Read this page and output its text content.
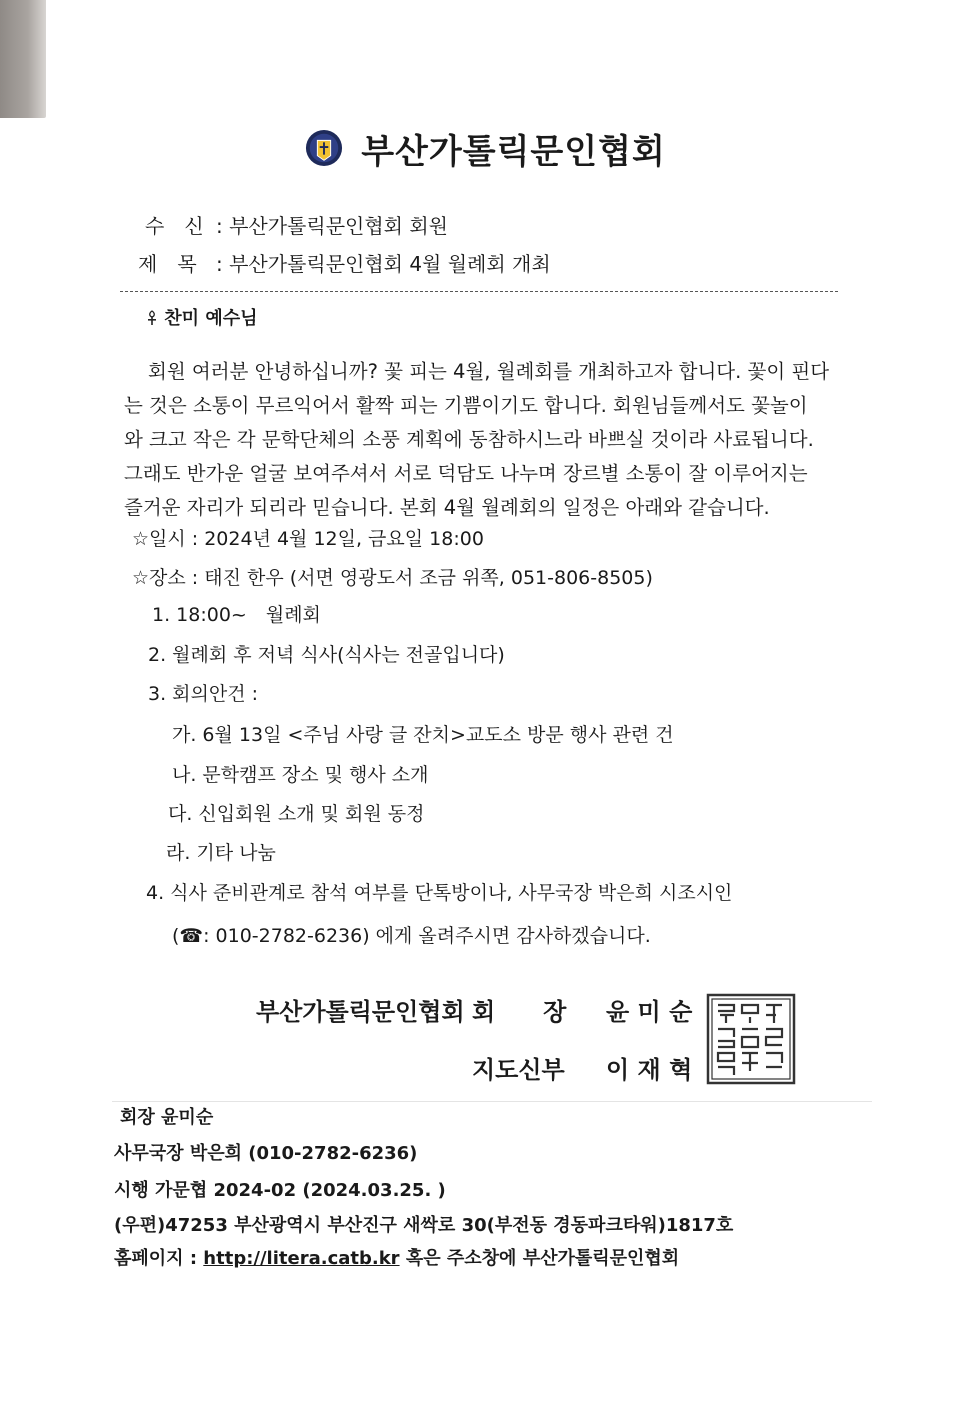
부산가톨릭문인협회
수　신 : 부산가톨릭문인협회 회원
제　목 : 부산가톨릭문인협회 4월 월례회 개최
찬미 예수님
회원 여러분 안녕하십니까? 꽃 피는 4월, 월례회를 개최하고자 합니다. 꽃이 핀다
는 것은 소통이 무르익어서 활짝 피는 기쁨이기도 합니다. 회원님들께서도 꽃놀이
와 크고 작은 각 문학단체의 소풍 계획에 동참하시느라 바쁘실 것이라 사료됩니다.
그래도 반가운 얼굴 보여주셔서 서로 덕담도 나누며 장르별 소통이 잘 이루어지는
즐거운 자리가 되리라 믿습니다. 본회 4월 월례회의 일정은 아래와 같습니다.
☆일시 : 2024년 4월 12일, 금요일 18:00
☆장소 : 태진 한우 (서면 영광도서 조금 위쪽, 051-806-8505)
1. 18:00~　월례회
2. 월례회 후 저녁 식사(식사는 전골입니다)
3. 회의안건 :
가. 6월 13일 <주님 사랑 글 잔치>교도소 방문 행사 관련 건
나. 문학캠프 장소 및 행사 소개
다. 신입회원 소개 및 회원 동정
라. 기타 나눔
4. 식사 준비관계로 참석 여부를 단톡방이나, 사무국장 박은희 시조시인
(☎: 010-2782-6236) 에게 올려주시면 감사하겠습니다.
부산가톨릭문인협회 회　　장 윤 미 순
지도신부 이 재 혁
회장 윤미순
사무국장 박은희 (010-2782-6236)
시행 가문협 2024-02 (2024.03.25. )
(우편)47253 부산광역시 부산진구 새싹로 30(부전동 경동파크타워)1817호
홈페이지 : http://litera.catb.kr 혹은 주소창에 부산가톨릭문인협회
